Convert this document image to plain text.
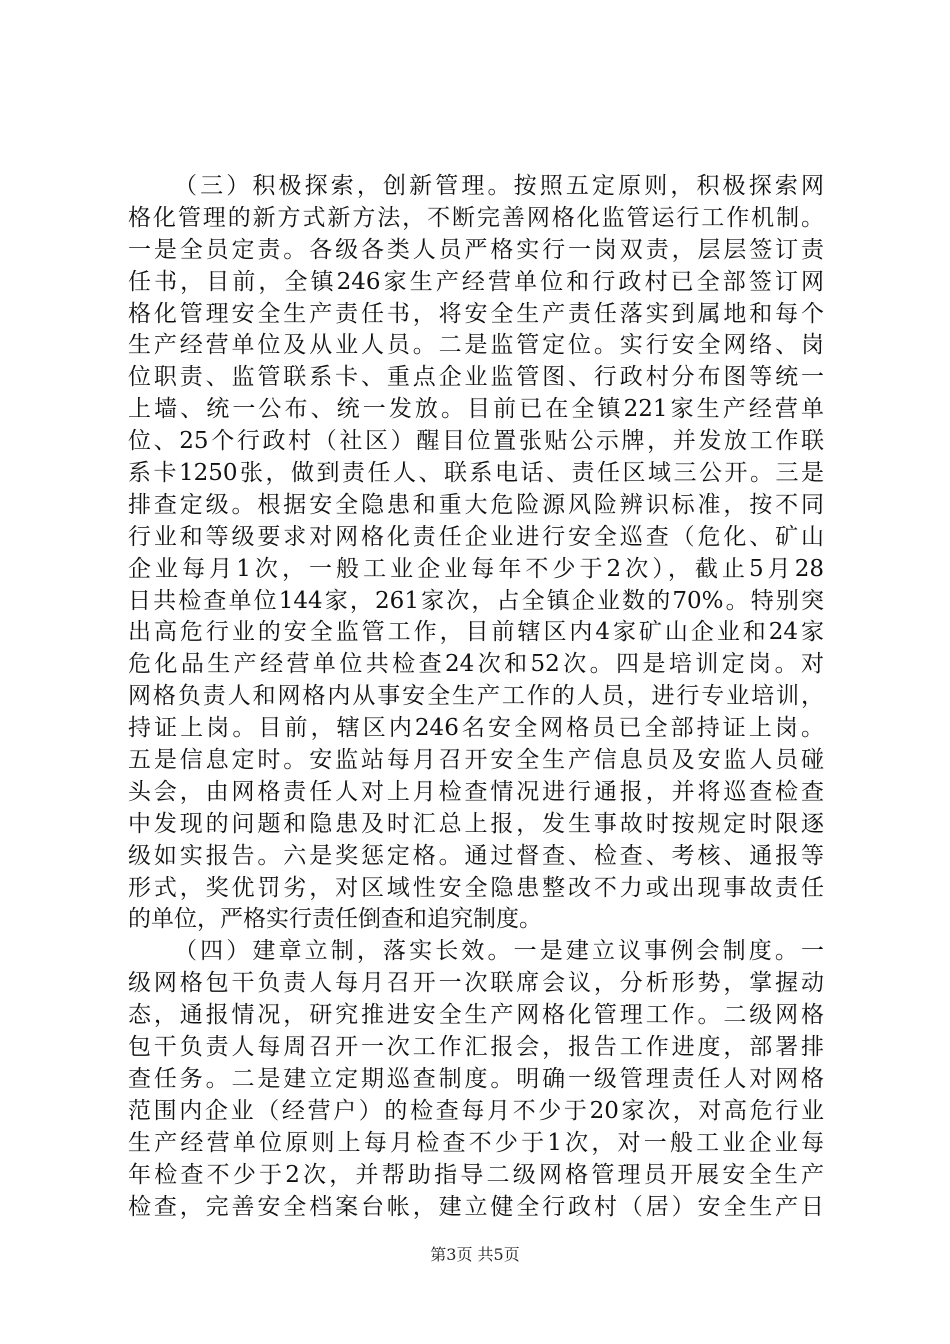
（三）积极探索，创新管理。按照五定原则，积极探索网
格化管理的新方式新方法，不断完善网格化监管运行工作机制。
一是全员定责。各级各类人员严格实行一岗双责，层层签订责
任书，目前，全镇246家生产经营单位和行政村已全部签订网
格化管理安全生产责任书，将安全生产责任落实到属地和每个
生产经营单位及从业人员。二是监管定位。实行安全网络、岗
位职责、监管联系卡、重点企业监管图、行政村分布图等统一
上墙、统一公布、统一发放。目前已在全镇221家生产经营单
位、25个行政村（社区）醒目位置张贴公示牌，并发放工作联
系卡1250张，做到责任人、联系电话、责任区域三公开。三是
排查定级。根据安全隐患和重大危险源风险辨识标准，按不同
行业和等级要求对网格化责任企业进行安全巡查（危化、矿山
企业每月1次，一般工业企业每年不少于2次），截止5月28
日共检查单位144家，261家次，占全镇企业数的70%。特别突
出高危行业的安全监管工作，目前辖区内4家矿山企业和24家
危化品生产经营单位共检查24次和52次。四是培训定岗。对
网格负责人和网格内从事安全生产工作的人员，进行专业培训，
持证上岗。目前，辖区内246名安全网格员已全部持证上岗。
五是信息定时。安监站每月召开安全生产信息员及安监人员碰
头会，由网格责任人对上月检查情况进行通报，并将巡查检查
中发现的问题和隐患及时汇总上报，发生事故时按规定时限逐
级如实报告。六是奖惩定格。通过督查、检查、考核、通报等
形式，奖优罚劣，对区域性安全隐患整改不力或出现事故责任
的单位，严格实行责任倒查和追究制度。
（四）建章立制，落实长效。一是建立议事例会制度。一
级网格包干负责人每月召开一次联席会议，分析形势，掌握动
态，通报情况，研究推进安全生产网格化管理工作。二级网格
包干负责人每周召开一次工作汇报会，报告工作进度，部署排
查任务。二是建立定期巡查制度。明确一级管理责任人对网格
范围内企业（经营户）的检查每月不少于20家次，对高危行业
生产经营单位原则上每月检查不少于1次，对一般工业企业每
年检查不少于2次，并帮助指导二级网格管理员开展安全生产
检查，完善安全档案台帐，建立健全行政村（居）安全生产日
第3页 共5页
